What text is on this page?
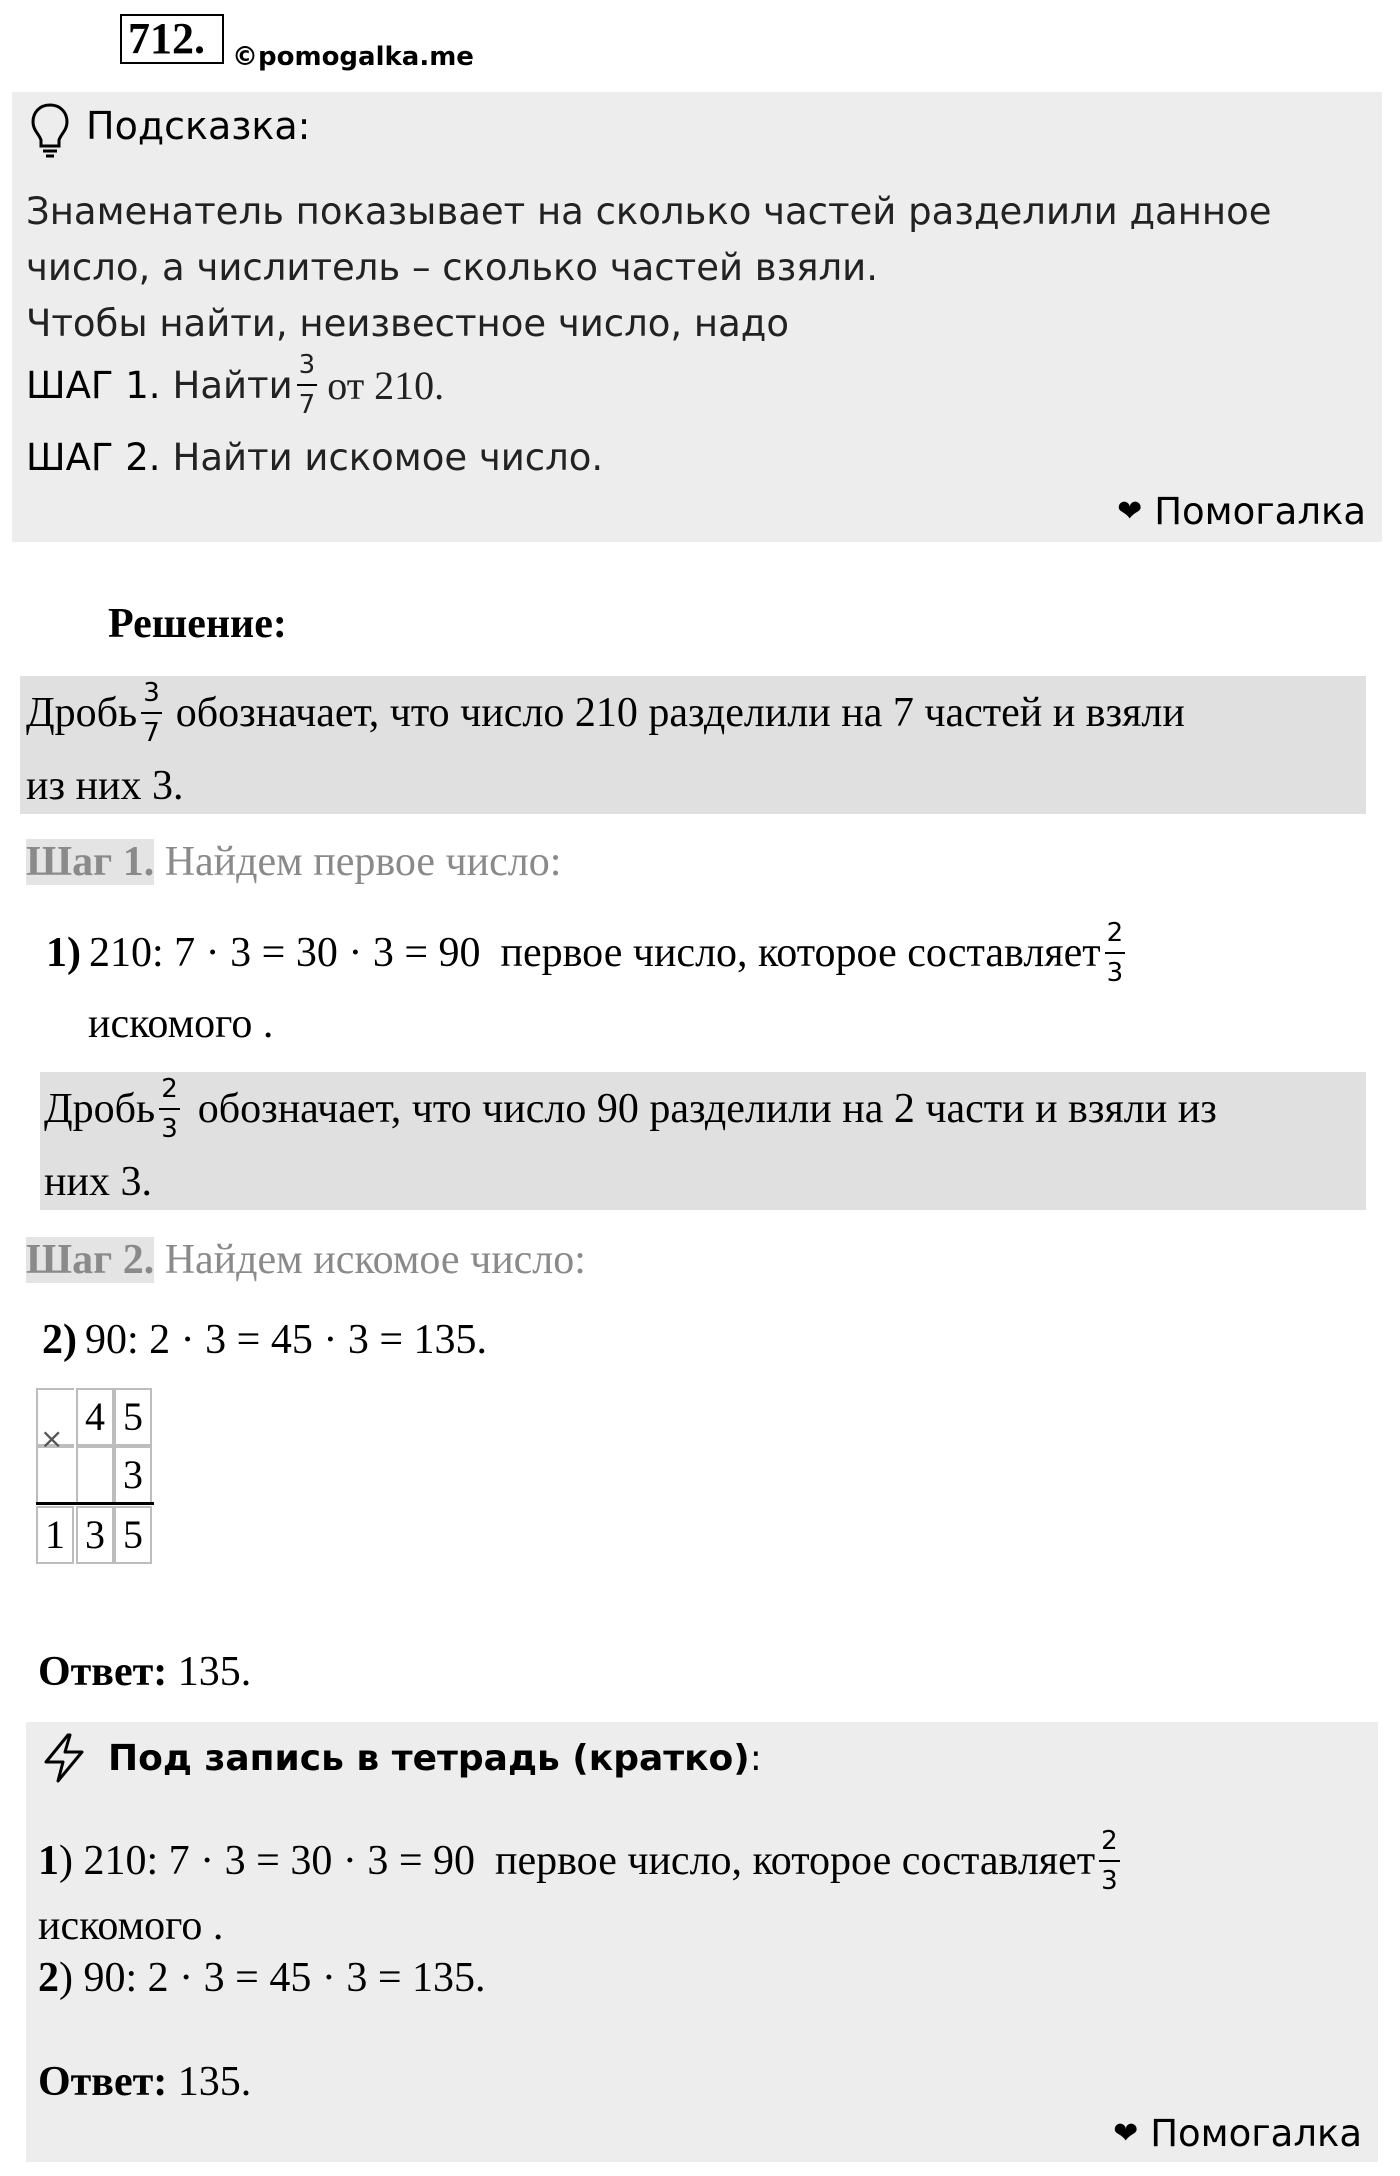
712.	©pomogalka.me
Подсказка:
Знаменатель показывает на сколько частей разделили данное
число, а числитель – сколько частей взяли.
Чтобы найти, неизвестное число, надо
ШАГ 1. Найти $\frac{3}{7}$ от 210.
ШАГ 2. Найти искомое число.
❤ Помогалка
Решение:
Дробь $\frac{3}{7}$ обозначает, что число 210 разделили на 7 частей и взяли
из них 3.
Шаг 1. Найдем первое число:
1) 210: 7 · 3 = 30 · 3 = 90 первое число, которое составляет $\frac{2}{3}$
искомого .
Дробь $\frac{2}{3}$ обозначает, что число 90 разделили на 2 части и взяли из
них 3.
Шаг 2. Найдем искомое число:
2) 90: 2 · 3 = 45 · 3 = 135.
4 5
3
1 3 5
×
Ответ: 135.
Под запись в тетрадь (кратко):
1 ) 210: 7 · 3 = 30 · 3 = 90 первое число, которое составляет $\frac{2}{3}$
искомого .
2) 90: 2 · 3 = 45 · 3 = 135.
Ответ: 135.
❤ Помогалка
